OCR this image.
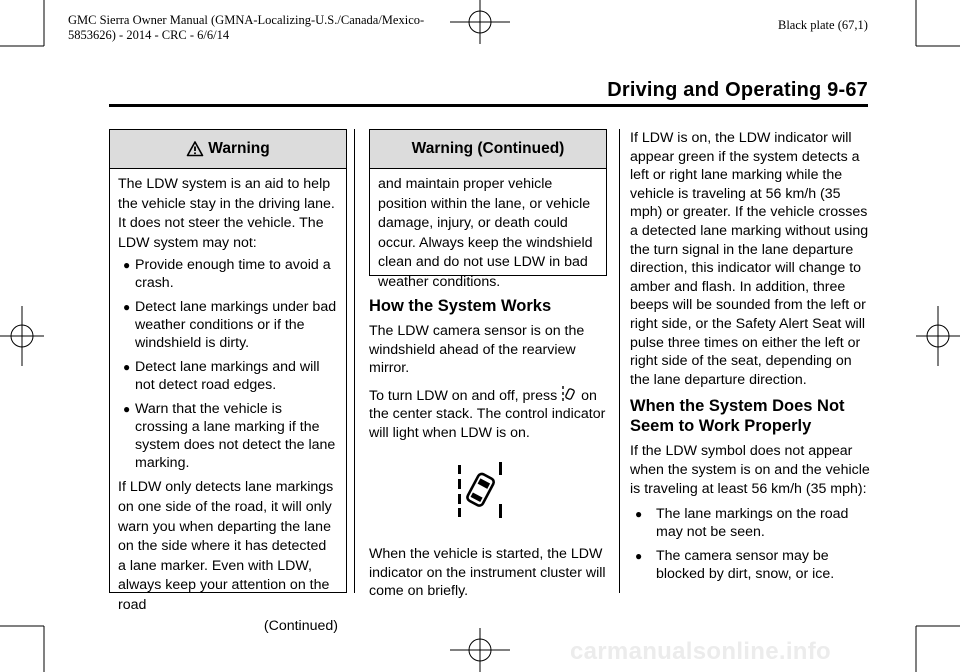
GMC Sierra Owner Manual (GMNA-Localizing-U.S./Canada/Mexico-
5853626) - 2014 - CRC - 6/6/14
Black plate (67,1)
Driving and Operating 9-67
Warning

The LDW system is an aid to help the vehicle stay in the driving lane. It does not steer the vehicle. The LDW system may not:

● Provide enough time to avoid a crash.
● Detect lane markings under bad weather conditions or if the windshield is dirty.
● Detect lane markings and will not detect road edges.
● Warn that the vehicle is crossing a lane marking if the system does not detect the lane marking.

If LDW only detects lane markings on one side of the road, it will only warn you when departing the lane on the side where it has detected a lane marker. Even with LDW, always keep your attention on the road

(Continued)
Warning (Continued)
and maintain proper vehicle position within the lane, or vehicle damage, injury, or death could occur. Always keep the windshield clean and do not use LDW in bad weather conditions.
How the System Works

The LDW camera sensor is on the windshield ahead of the rearview mirror.

To turn LDW on and off, press on the center stack. The control indicator will light when LDW is on.

When the vehicle is started, the LDW indicator on the instrument cluster will come on briefly.

If LDW is on, the LDW indicator will appear green if the system detects a left or right lane marking while the vehicle is traveling at 56 km/h (35 mph) or greater. If the vehicle crosses a detected lane marking without using the turn signal in the lane departure direction, this indicator will change to amber and flash. In addition, three beeps will be sounded from the left or right side, or the Safety Alert Seat will pulse three times on either the left or right side of the seat, depending on the lane departure direction.

When the System Does Not Seem to Work Properly

If the LDW symbol does not appear when the system is on and the vehicle is traveling at least 56 km/h (35 mph):

● The lane markings on the road may not be seen.
● The camera sensor may be blocked by dirt, snow, or ice.
carmanualsonline.info
